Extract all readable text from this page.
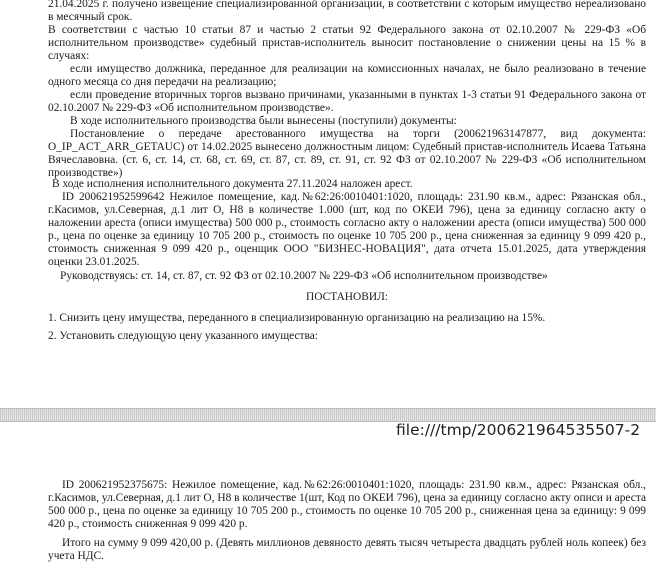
21.04.2025 г. получено извещение специализированной организации, в соответствии с которым имущество нереализовано в месячный срок.

В соответствии с частью 10 статьи 87 и частью 2 статьи 92 Федерального закона от 02.10.2007 № 229-ФЗ «Об исполнительном производстве» судебный пристав-исполнитель выносит постановление о снижении цены на 15 % в случаях:

если имущество должника, переданное для реализации на комиссионных началах, не было реализовано в течение одного месяца со дня передачи на реализацию;

если проведение вторичных торгов вызвано причинами, указанными в пунктах 1-3 статьи 91 Федерального закона от 02.10.2007 № 229-ФЗ «Об исполнительном производстве».

В ходе исполнительного производства были вынесены (поступили) документы:

Постановление о передаче арестованного имущества на торги (200621963147877, вид документа: O_IP_ACT_ARR_GETAUC) от 14.02.2025 вынесено должностным лицом: Судебный пристав-исполнитель Исаева Татьяна Вячеславовна. (ст. 6, ст. 14, ст. 68, ст. 69, ст. 87, ст. 89, ст. 91, ст. 92 ФЗ от 02.10.2007 № 229-ФЗ «Об исполнительном производстве»)

В ходе исполнения исполнительного документа 27.11.2024 наложен арест.

ID 200621952599642 Нежилое помещение, кад.№62:26:0010401:1020, площадь: 231.90 кв.м., адрес: Рязанская обл., г.Касимов, ул.Северная, д.1 лит О, Н8 в количестве 1.000 (шт, код по ОКЕИ 796), цена за единицу согласно акту о наложении ареста (описи имущества) 500 000 р., стоимость согласно акту о наложении ареста (описи имущества) 500 000 р., цена по оценке за единицу 10 705 200 р., стоимость по оценке 10 705 200 р., цена сниженная за единицу 9 099 420 р., стоимость сниженная 9 099 420 р., оценщик ООО "БИЗНЕС-НОВАЦИЯ", дата отчета 15.01.2025, дата утверждения оценки 23.01.2025.

Руководствуясь: ст. 14, ст. 87, ст. 92 ФЗ от 02.10.2007 № 229-ФЗ «Об исполнительном производстве»

ПОСТАНОВИЛ:

1. Снизить цену имущества, переданного в специализированную организацию на реализацию на 15%.

2. Установить следующую цену указанного имущества:

file:///tmp/200621964535507-2

ID 200621952375675: Нежилое помещение, кад.№62:26:0010401:1020, площадь: 231.90 кв.м., адрес: Рязанская обл., г.Касимов, ул.Северная, д.1 лит О, Н8 в количестве 1(шт, Код по ОКЕИ 796), цена за единицу согласно акту описи и ареста 500 000 р., цена по оценке за единицу 10 705 200 р., стоимость по оценке 10 705 200 р., сниженная цена за единицу: 9 099 420 р., стоимость сниженная 9 099 420 р.

Итого на сумму 9 099 420,00 р. (Девять миллионов девяносто девять тысяч четыреста двадцать рублей ноль копеек) без учета НДС.
